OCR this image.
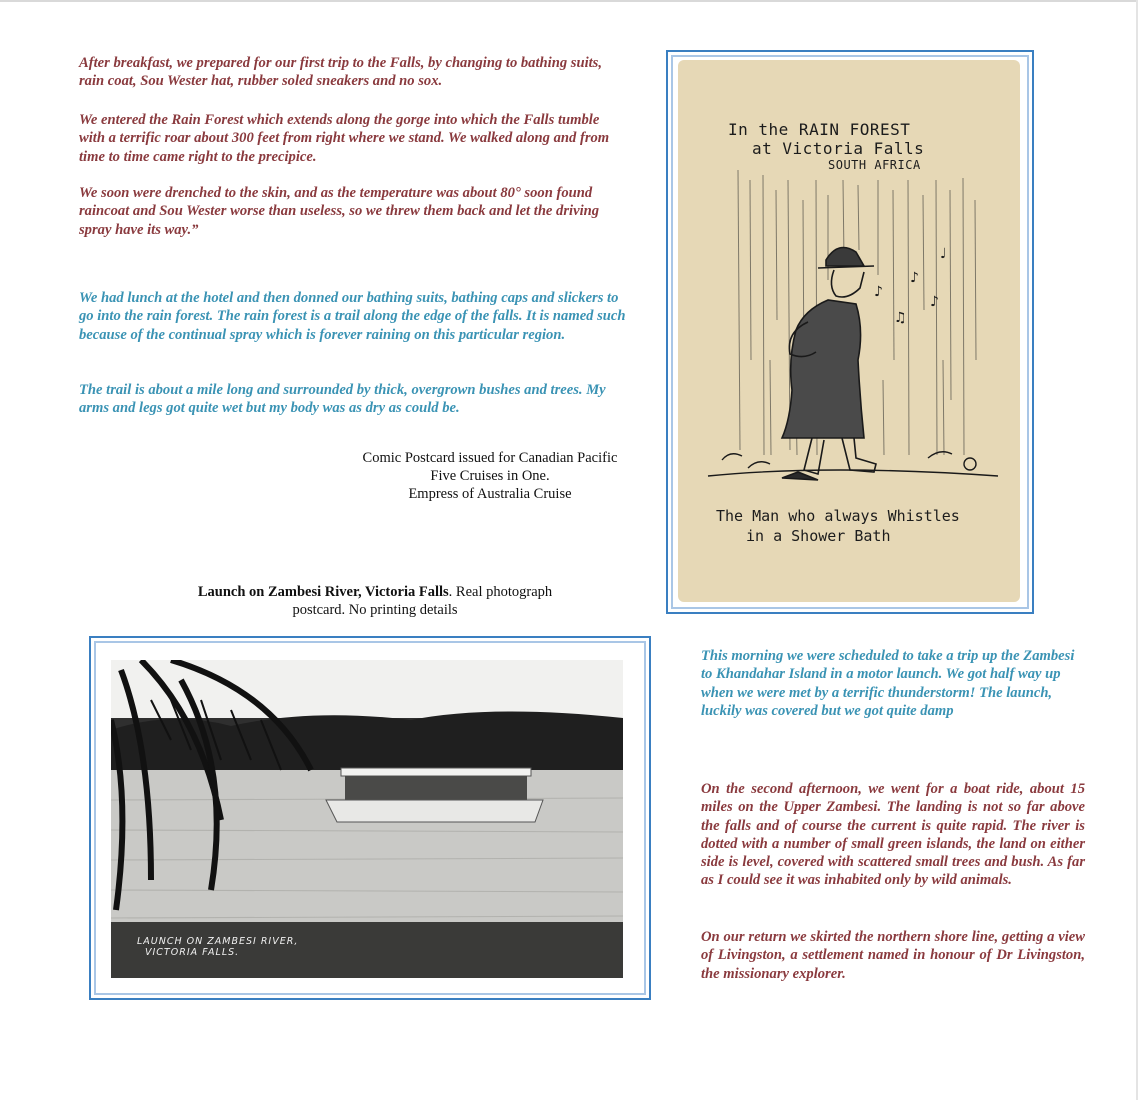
After breakfast, we prepared for our first trip to the Falls, by changing to bathing suits, rain coat, Sou Wester hat, rubber soled sneakers and no sox.

We entered the Rain Forest which extends along the gorge into which the Falls tumble with a terrific roar about 300 feet from right where we stand. We walked along and from time to time came right to the precipice.

We soon were drenched to the skin, and as the temperature was about 80° soon found raincoat and Sou Wester worse than useless, so we threw them back and let the driving spray have its way.”

We had lunch at the hotel and then donned our bathing suits, bathing caps and slickers to go into the rain forest. The rain forest is a trail along the edge of the falls. It is named such because of the continual spray which is forever raining on this particular region.

The trail is about a mile long and surrounded by thick, overgrown bushes and trees. My arms and legs got quite wet but my body was as dry as could be.

Comic Postcard issued for Canadian Pacific
Five Cruises in One.
Empress of Australia Cruise
Launch on Zambesi River, Victoria Falls. Real photograph
postcard. No printing details
♪
♫
♪
♪
♩
In the RAIN FOREST
at Victoria Falls
SOUTH AFRICA
The Man who always Whistles
in a Shower Bath
LAUNCH ON ZAMBESI RIVER,
VICTORIA FALLS.

This morning we were scheduled to take a trip up the Zambesi to Khandahar Island in a motor launch. We got half way up when we were met by a terrific thunderstorm! The launch, luckily was covered but we got quite damp

On the second afternoon, we went for a boat ride, about 15 miles on the Upper Zambesi. The landing is not so far above the falls and of course the current is quite rapid. The river is dotted with a number of small green islands, the land on either side is level, covered with scattered small trees and bush. As far as I could see it was inhabited only by wild animals.

On our return we skirted the northern shore line, getting a view of Livingston, a settlement named in honour of Dr Livingston, the missionary explorer.
